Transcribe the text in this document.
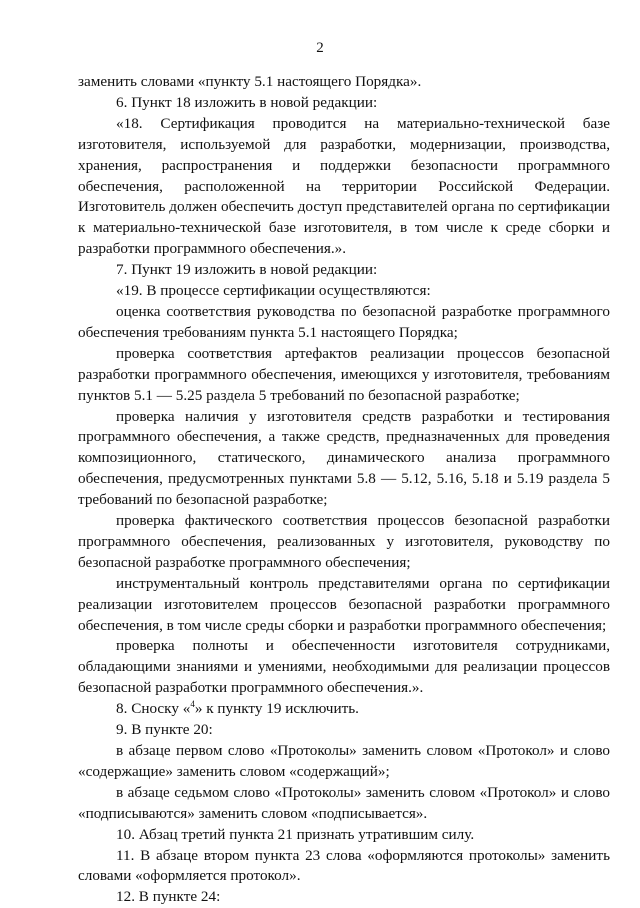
2

заменить словами «пункту 5.1 настоящего Порядка».

6. Пункт 18 изложить в новой редакции:

«18. Сертификация проводится на материально-технической базе изготовителя, используемой для разработки, модернизации, производства, хранения, распространения и поддержки безопасности программного обеспечения, расположенной на территории Российской Федерации. Изготовитель должен обеспечить доступ представителей органа по сертификации к материально-технической базе изготовителя, в том числе к среде сборки и разработки программного обеспечения.».

7. Пункт 19 изложить в новой редакции:

«19. В процессе сертификации осуществляются:

оценка соответствия руководства по безопасной разработке программного обеспечения требованиям пункта 5.1 настоящего Порядка;

проверка соответствия артефактов реализации процессов безопасной разработки программного обеспечения, имеющихся у изготовителя, требованиям пунктов 5.1 — 5.25 раздела 5 требований по безопасной разработке;

проверка наличия у изготовителя средств разработки и тестирования программного обеспечения, а также средств, предназначенных для проведения композиционного, статического, динамического анализа программного обеспечения, предусмотренных пунктами 5.8 — 5.12, 5.16, 5.18 и 5.19 раздела 5 требований по безопасной разработке;

проверка фактического соответствия процессов безопасной разработки программного обеспечения, реализованных у изготовителя, руководству по безопасной разработке программного обеспечения;

инструментальный контроль представителями органа по сертификации реализации изготовителем процессов безопасной разработки программного обеспечения, в том числе среды сборки и разработки программного обеспечения;

проверка полноты и обеспеченности изготовителя сотрудниками, обладающими знаниями и умениями, необходимыми для реализации процессов безопасной разработки программного обеспечения.».

8. Сноску «$^4$» к пункту 19 исключить.

9. В пункте 20:

в абзаце первом слово «Протоколы» заменить словом «Протокол» и слово «содержащие» заменить словом «содержащий»;

в абзаце седьмом слово «Протоколы» заменить словом «Протокол» и слово «подписываются» заменить словом «подписывается».

10. Абзац третий пункта 21 признать утратившим силу.

11. В абзаце втором пункта 23 слова «оформляются протоколы» заменить словами «оформляется протокол».

12. В пункте 24:
